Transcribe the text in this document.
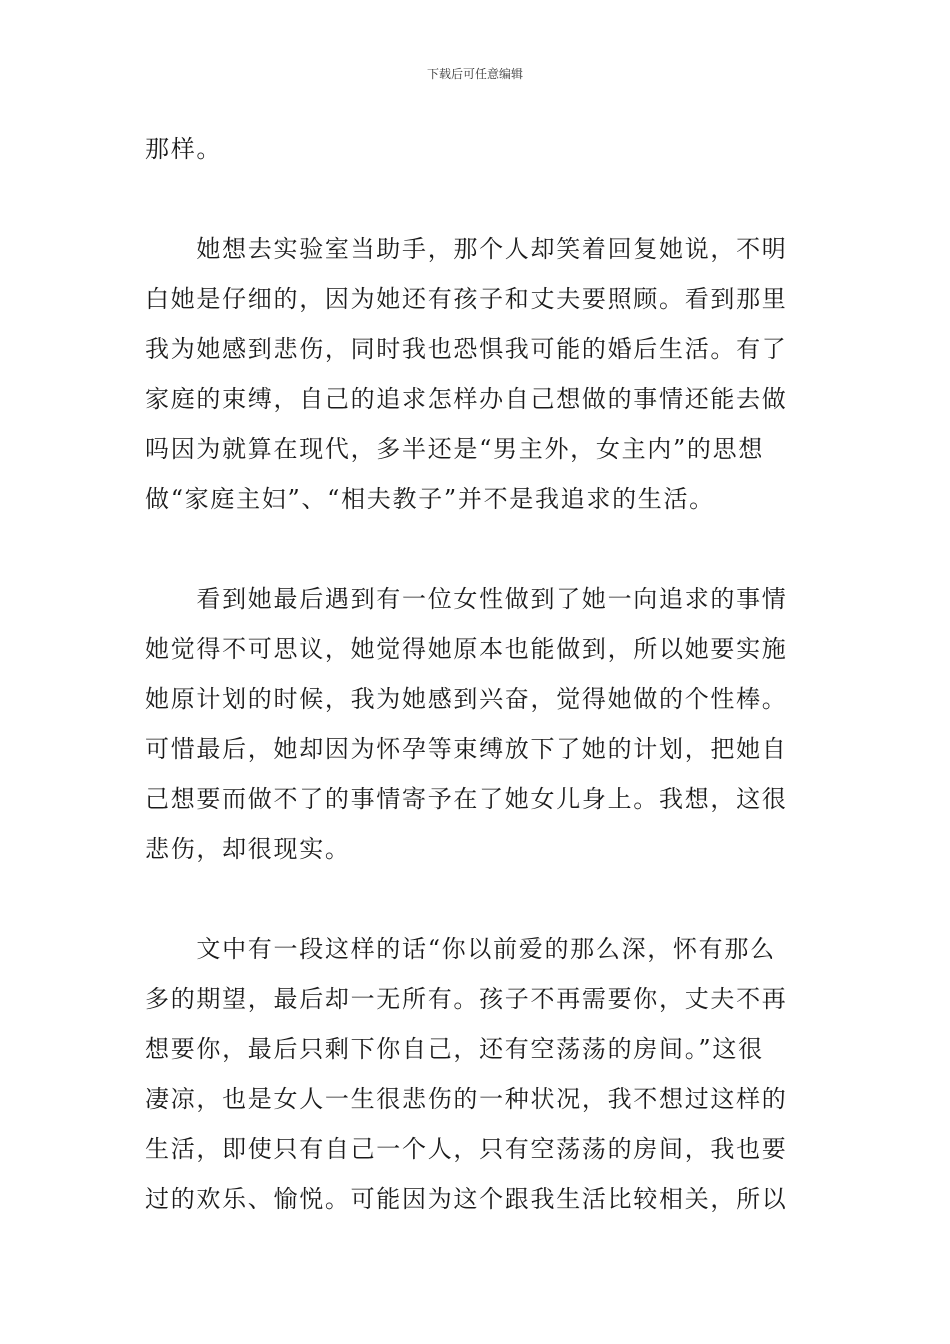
下载后可任意编辑
那样。
　　她想去实验室当助手，那个人却笑着回复她说，不明
白她是仔细的，因为她还有孩子和丈夫要照顾。看到那里
我为她感到悲伤，同时我也恐惧我可能的婚后生活。有了
家庭的束缚，自己的追求怎样办自己想做的事情还能去做
吗因为就算在现代，多半还是“男主外，女主内”的思想
做“家庭主妇”、“相夫教子”并不是我追求的生活。
　　看到她最后遇到有一位女性做到了她一向追求的事情
她觉得不可思议，她觉得她原本也能做到，所以她要实施
她原计划的时候，我为她感到兴奋，觉得她做的个性棒。
可惜最后，她却因为怀孕等束缚放下了她的计划，把她自
己想要而做不了的事情寄予在了她女儿身上。我想，这很
悲伤，却很现实。
　　文中有一段这样的话“你以前爱的那么深，怀有那么
多的期望，最后却一无所有。孩子不再需要你，丈夫不再
想要你，最后只剩下你自己，还有空荡荡的房间。”这很
凄凉，也是女人一生很悲伤的一种状况，我不想过这样的
生活，即使只有自己一个人，只有空荡荡的房间，我也要
过的欢乐、愉悦。可能因为这个跟我生活比较相关，所以
